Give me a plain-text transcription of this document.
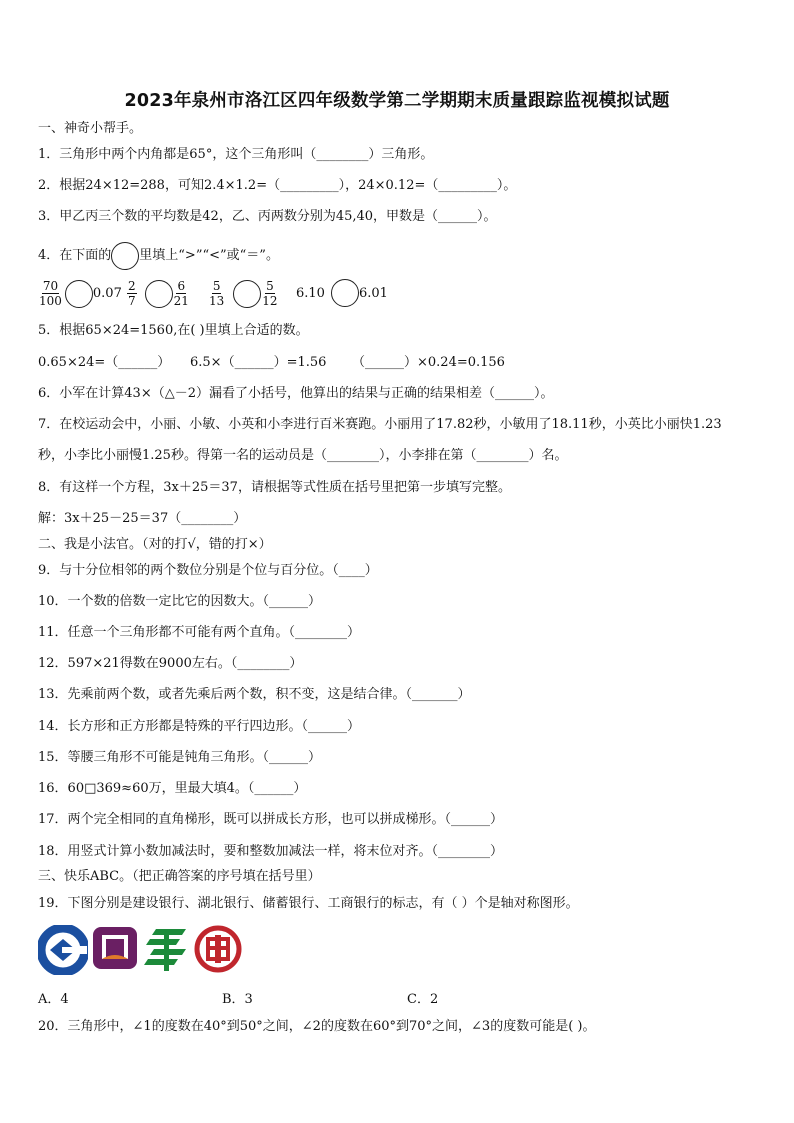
2023年泉州市洛江区四年级数学第二学期期末质量跟踪监视模拟试题
一、神奇小帮手。
1．三角形中两个内角都是65°，这个三角形叫（________）三角形。
2．根据24×12=288，可知2.4×1.2=（_________），24×0.12=（_________）。
3．甲乙丙三个数的平均数是42，乙、丙两数分别为45,40，甲数是（______）。
4．在下面的 里填上“>”“<”或“＝”。
$\frac{70}{100} 0.07 \frac{2}{7}$	$\frac{6}{21} \frac{5}{13}$	$\frac{5}{12} 6.10$	6.01
5．根据65×24=1560,在( )里填上合适的数。
0.65×24=（______） 6.5×（______）=1.56 （______）×0.24=0.156
6．小军在计算43×（△－2）漏看了小括号，他算出的结果与正确的结果相差（______）。
7．在校运动会中，小丽、小敏、小英和小李进行百米赛跑。小丽用了17.82秒，小敏用了18.11秒，小英比小丽快1.23
秒，小李比小丽慢1.25秒。得第一名的运动员是（________），小李排在第（________）名。
8．有这样一个方程，3x＋25＝37，请根据等式性质在括号里把第一步填写完整。
解：3x＋25－25＝37（________）
二、我是小法官。（对的打√，错的打×）
9．与十分位相邻的两个数位分别是个位与百分位。（____）
10．一个数的倍数一定比它的因数大。（______）
11．任意一个三角形都不可能有两个直角。（________）
12．597×21得数在9000左右。（________）
13．先乘前两个数，或者先乘后两个数，积不变，这是结合律。（_______）
14．长方形和正方形都是特殊的平行四边形。（______）
15．等腰三角形不可能是钝角三角形。（______）
16．60□369≈60万，里最大填4。（______）
17．两个完全相同的直角梯形，既可以拼成长方形，也可以拼成梯形。（______）
18．用竖式计算小数加减法时，要和整数加减法一样，将末位对齐。（________）
三、快乐ABC。（把正确答案的序号填在括号里）
19．下图分别是建设银行、湖北银行、储蓄银行、工商银行的标志，有（ ）个是轴对称图形。
A．4	B．3	C．2
20．三角形中，∠1的度数在40°到50°之间，∠2的度数在60°到70°之间，∠3的度数可能是( )。
